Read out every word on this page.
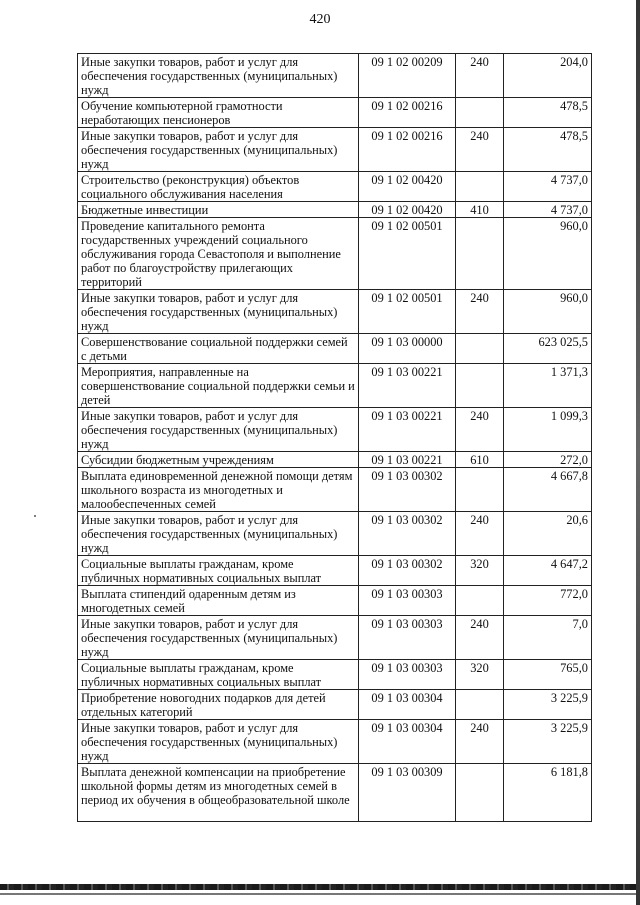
420
Иные закупки товаров, работ и услуг для обеспечения государственных (муниципальных) нужд	09 1 02 00209	240	204,0
Обучение компьютерной грамотности неработающих пенсионеров	09 1 02 00216		478,5
Иные закупки товаров, работ и услуг для обеспечения государственных (муниципальных) нужд	09 1 02 00216	240	478,5
Строительство (реконструкция) объектов социального обслуживания населения	09 1 02 00420		4 737,0
Бюджетные инвестиции	09 1 02 00420	410	4 737,0
Проведение капитального ремонта государственных учреждений социального обслуживания города Севастополя и выполнение работ по благоустройству прилегающих территорий	09 1 02 00501		960,0
Иные закупки товаров, работ и услуг для обеспечения государственных (муниципальных) нужд	09 1 02 00501	240	960,0
Совершенствование социальной поддержки семей с детьми	09 1 03 00000		623 025,5
Мероприятия, направленные на совершенствование социальной поддержки семьи и детей	09 1 03 00221		1 371,3
Иные закупки товаров, работ и услуг для обеспечения государственных (муниципальных) нужд	09 1 03 00221	240	1 099,3
Субсидии бюджетным учреждениям	09 1 03 00221	610	272,0
Выплата единовременной денежной помощи детям школьного возраста из многодетных и малообеспеченных семей	09 1 03 00302		4 667,8
Иные закупки товаров, работ и услуг для обеспечения государственных (муниципальных) нужд	09 1 03 00302	240	20,6
Социальные выплаты гражданам, кроме публичных нормативных социальных выплат	09 1 03 00302	320	4 647,2
Выплата стипендий одаренным детям из многодетных семей	09 1 03 00303		772,0
Иные закупки товаров, работ и услуг для обеспечения государственных (муниципальных) нужд	09 1 03 00303	240	7,0
Социальные выплаты гражданам, кроме публичных нормативных социальных выплат	09 1 03 00303	320	765,0
Приобретение новогодних подарков для детей отдельных категорий	09 1 03 00304		3 225,9
Иные закупки товаров, работ и услуг для обеспечения государственных (муниципальных) нужд	09 1 03 00304	240	3 225,9
Выплата денежной компенсации на приобретение школьной формы детям из многодетных семей в период их обучения в общеобразовательной школе	09 1 03 00309		6 181,8
